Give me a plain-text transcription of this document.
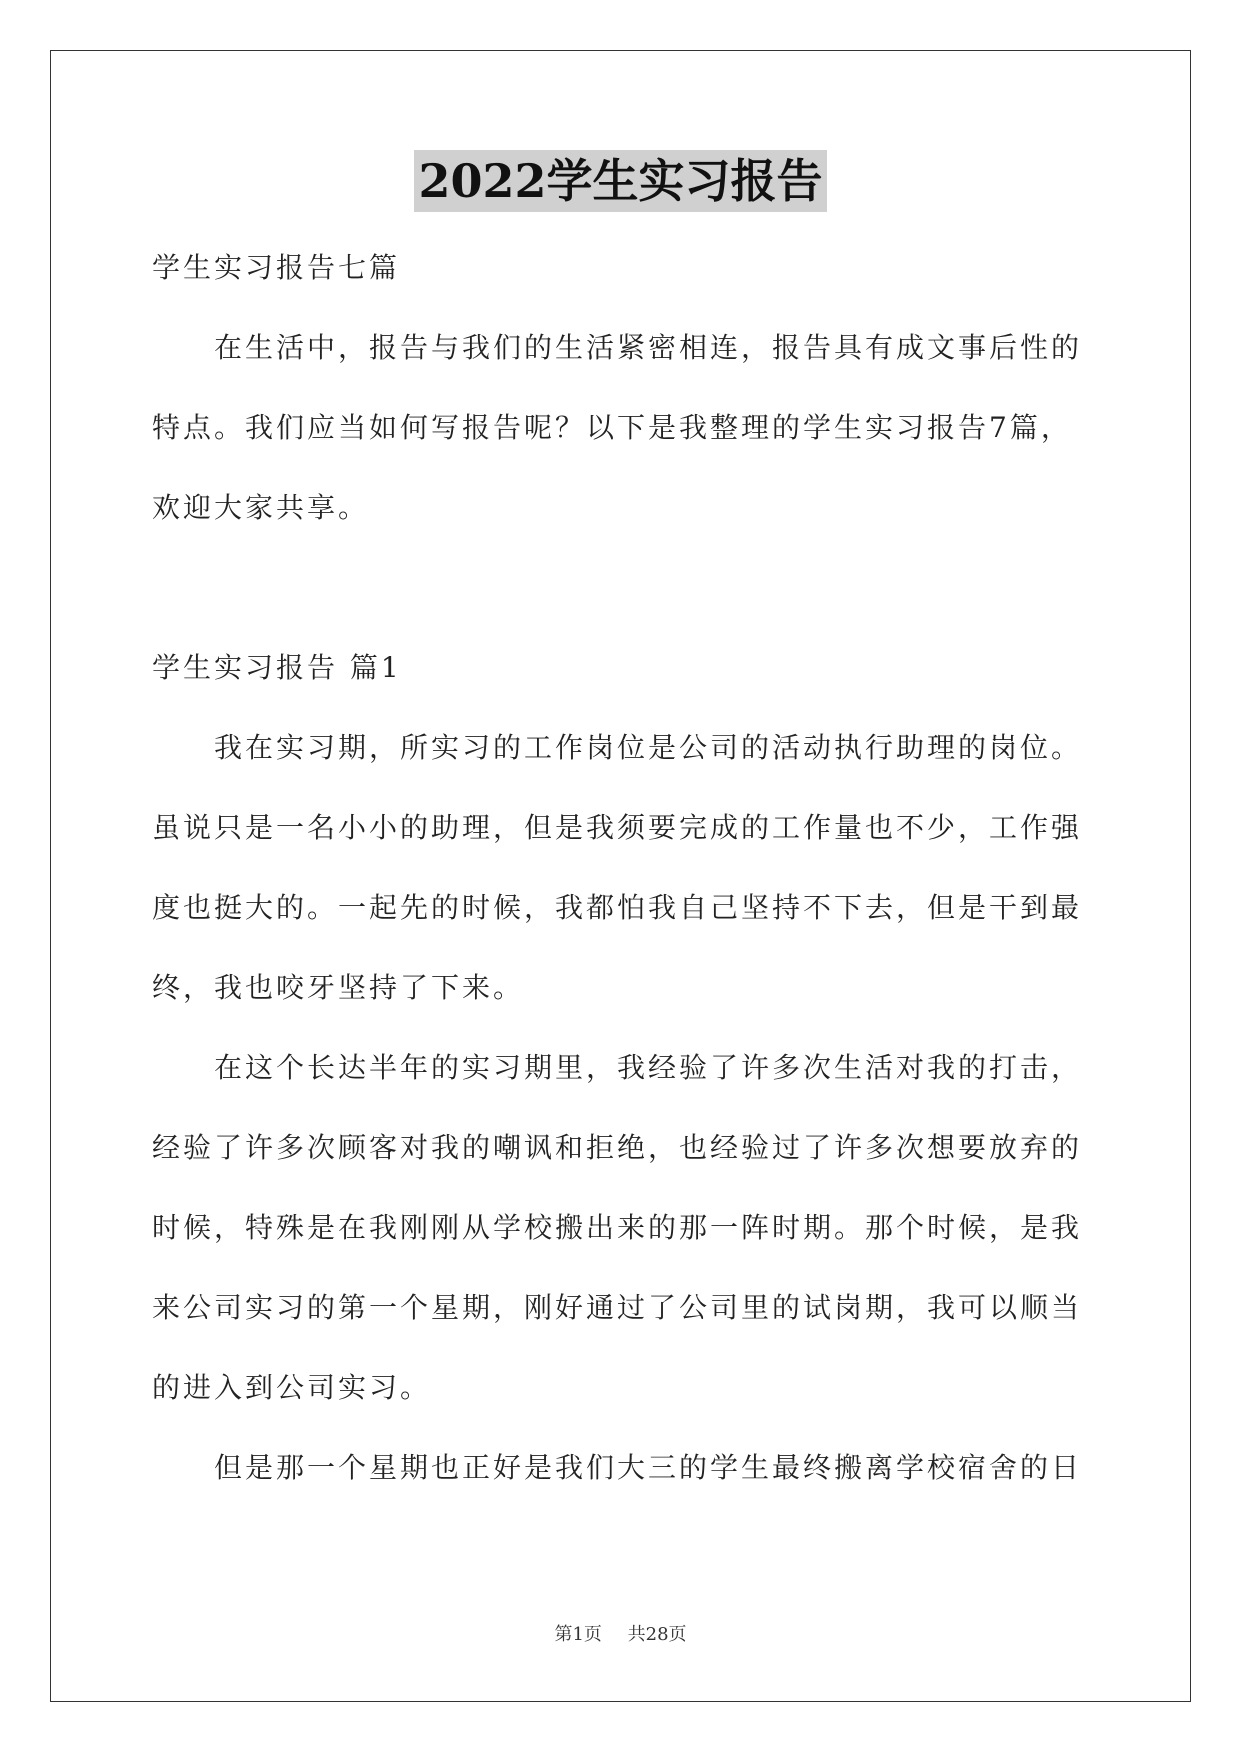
2022学生实习报告
学生实习报告七篇
在生活中，报告与我们的生活紧密相连，报告具有成文事后性的
特点。我们应当如何写报告呢？以下是我整理的学生实习报告7篇，
欢迎大家共享。
学生实习报告 篇1
我在实习期，所实习的工作岗位是公司的活动执行助理的岗位。
虽说只是一名小小的助理，但是我须要完成的工作量也不少，工作强
度也挺大的。一起先的时候，我都怕我自己坚持不下去，但是干到最
终，我也咬牙坚持了下来。
在这个长达半年的实习期里，我经验了许多次生活对我的打击，
经验了许多次顾客对我的嘲讽和拒绝，也经验过了许多次想要放弃的
时候，特殊是在我刚刚从学校搬出来的那一阵时期。那个时候，是我
来公司实习的第一个星期，刚好通过了公司里的试岗期，我可以顺当
的进入到公司实习。
但是那一个星期也正好是我们大三的学生最终搬离学校宿舍的日
第1页 共28页
